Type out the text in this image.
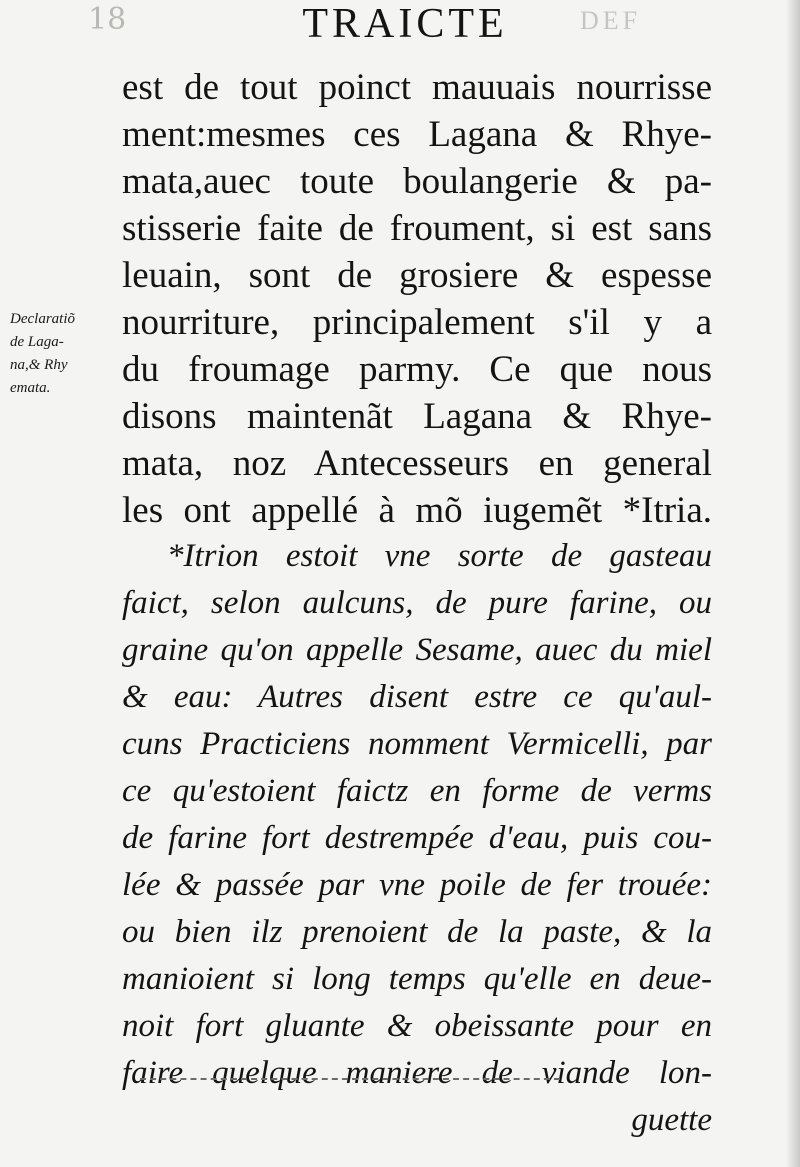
18	DEF
TRAICTE
Declaratiõ
de Laga-
na,& Rhy
emata.
est de tout poinct mauuais nourrisse
ment:mesmes ces Lagana & Rhye-
mata,auec toute boulangerie & pa-
stisserie faite de froument, si est sans
leuain, sont de grosiere & espesse
nourriture, principalement s'il y a
du froumage parmy. Ce que nous
disons maintenãt Lagana & Rhye-
mata, noz Antecesseurs en general
les ont appellé à mõ iugemẽt *Itria.
*Itrion estoit vne sorte de gasteau
faict, selon aulcuns, de pure farine, ou
graine qu'on appelle Sesame, auec du miel
& eau: Autres disent estre ce qu'aul-
cuns Practiciens nomment Vermicelli, par
ce qu'estoient faictz en forme de verms
de farine fort destrempée d'eau, puis cou-
lée & passée par vne poile de fer trouée:
ou bien ilz prenoient de la paste, & la
manioient si long temps qu'elle en deue-
noit fort gluante & obeissante pour en
faire quelque maniere de viande lon-
guette
